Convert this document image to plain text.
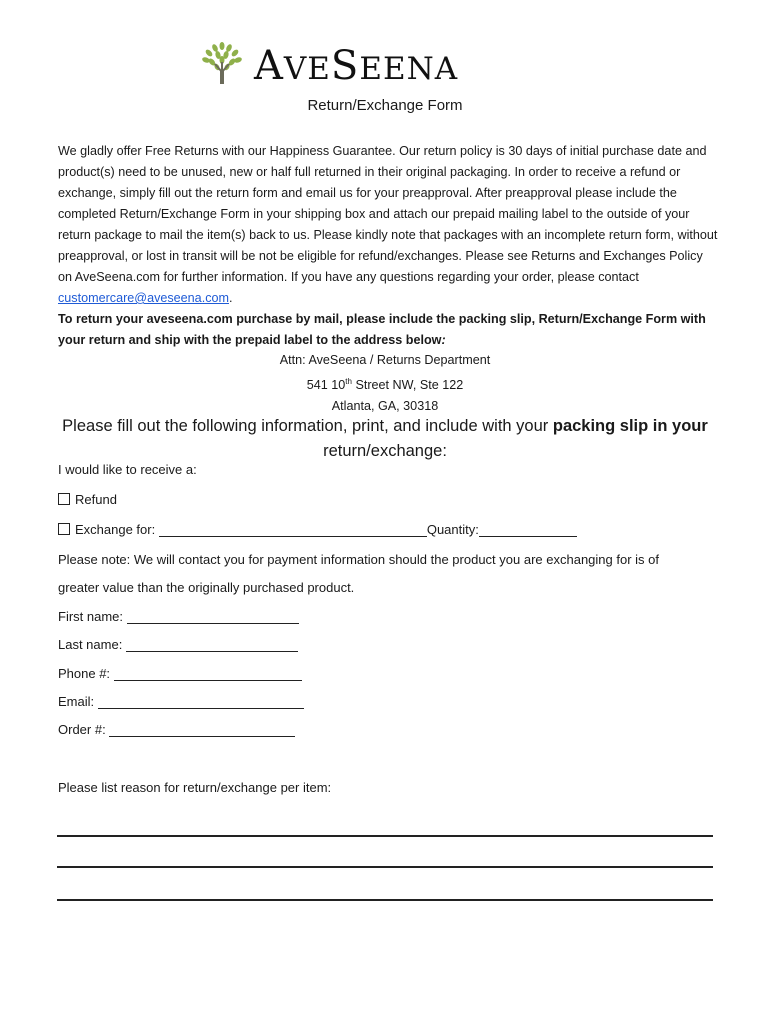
AVESEENA
Return/Exchange Form

We gladly offer Free Returns with our Happiness Guarantee. Our return policy is 30 days of initial purchase date and product(s) need to be unused, new or half full returned in their original packaging. In order to receive a refund or exchange, simply fill out the return form and email us for your preapproval. After preapproval please include the completed Return/Exchange Form in your shipping box and attach our prepaid mailing label to the outside of your return package to mail the item(s) back to us. Please kindly note that packages with an incomplete return form, without preapproval, or lost in transit will be not be eligible for refund/exchanges. Please see Returns and Exchanges Policy on AveSeena.com for further information. If you have any questions regarding your order, please contact customercare@aveseena.com.

To return your aveseena.com purchase by mail, please include the packing slip, Return/Exchange Form with your return and ship with the prepaid label to the address below:

Attn: AveSeena / Returns Department
541 10th Street NW, Ste 122
Atlanta, GA, 30318
Please fill out the following information, print, and include with your packing slip in your
return/exchange:
I would like to receive a:
Refund
Exchange for:	Quantity:
Please note: We will contact you for payment information should the product you are exchanging for is of
greater value than the originally purchased product.
First name:
Last name:
Phone #:
Email:
Order #:
Please list reason for return/exchange per item:
